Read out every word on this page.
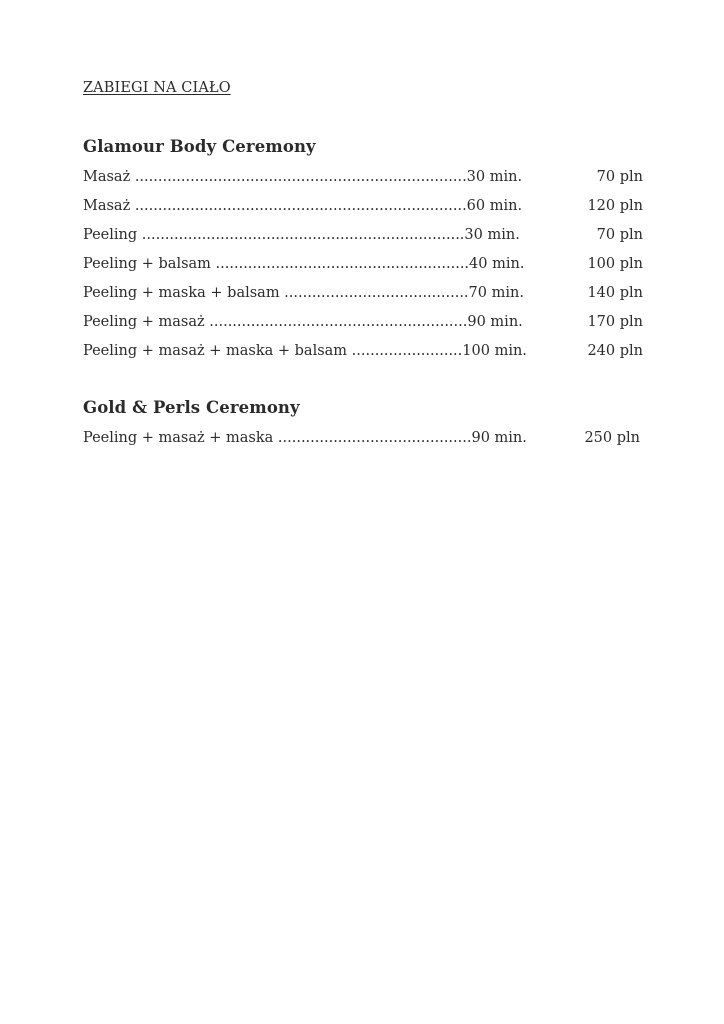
ZABIEGI NA CIAŁO
Glamour Body Ceremony
Masaż ........................................................................30 min.	70 pln
Masaż ........................................................................60 min.	120 pln
Peeling ......................................................................30 min.	70 pln
Peeling + balsam .......................................................40 min.	100 pln
Peeling + maska + balsam ........................................70 min.	140 pln
Peeling + masaż ........................................................90 min.	170 pln
Peeling + masaż + maska + balsam ........................100 min.	240 pln
Gold & Perls Ceremony
Peeling + masaż + maska ..........................................90 min.	250 pln
